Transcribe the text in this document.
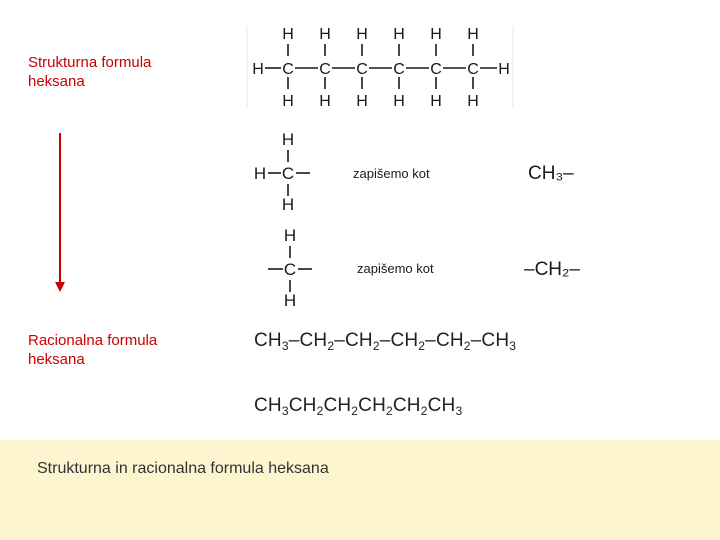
Strukturna formula
heksana
Racionalna formula
heksana
H	H
C C C C C C
H H H H H H
H H H H H H
H
H C
H
zapišemo kot	CH₃–
H
C
H
zapišemo kot	–CH₂–
$CH_3-CH_2-CH_2-CH_2-CH_2-CH_3$
$CH_3CH_2CH_2CH_2CH_2CH_3$
Strukturna in racionalna formula heksana
